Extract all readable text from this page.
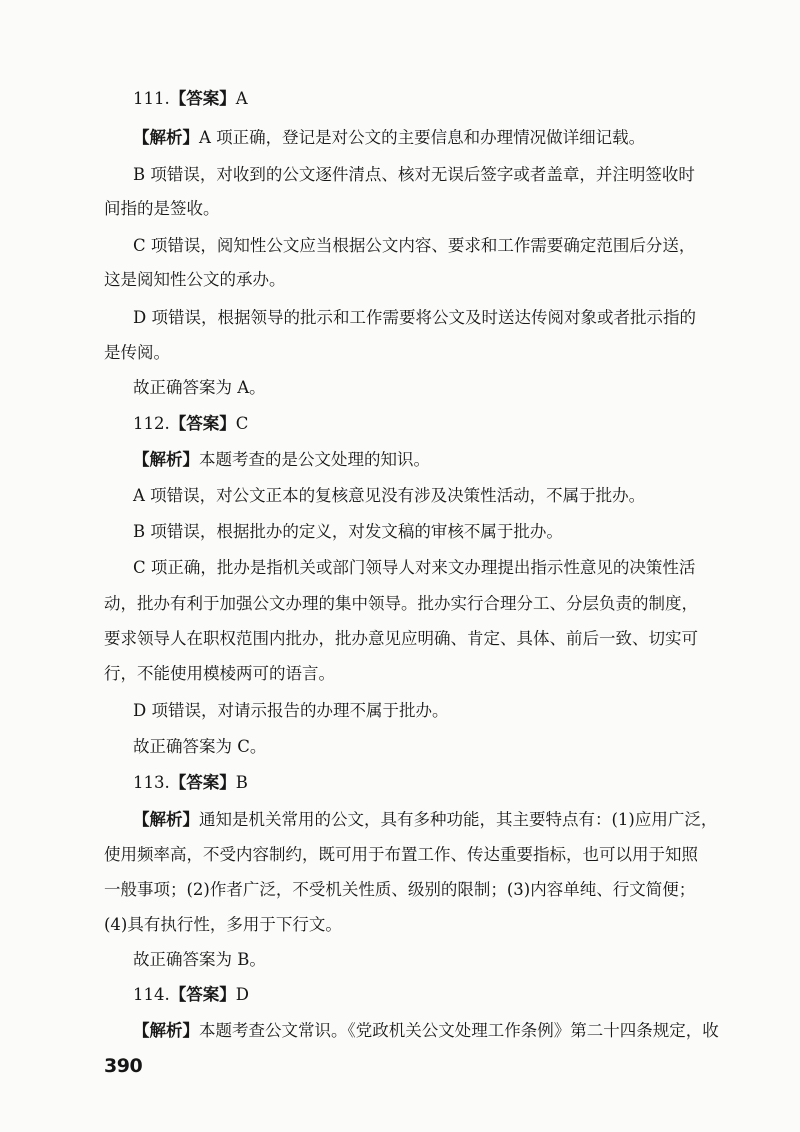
111.【答案】A
【解析】A 项正确，登记是对公文的主要信息和办理情况做详细记载。
B 项错误，对收到的公文逐件清点、核对无误后签字或者盖章，并注明签收时
间指的是签收。
C 项错误，阅知性公文应当根据公文内容、要求和工作需要确定范围后分送，
这是阅知性公文的承办。
D 项错误，根据领导的批示和工作需要将公文及时送达传阅对象或者批示指的
是传阅。
故正确答案为 A。
112.【答案】C
【解析】本题考查的是公文处理的知识。
A 项错误，对公文正本的复核意见没有涉及决策性活动，不属于批办。
B 项错误，根据批办的定义，对发文稿的审核不属于批办。
C 项正确，批办是指机关或部门领导人对来文办理提出指示性意见的决策性活
动，批办有利于加强公文办理的集中领导。批办实行合理分工、分层负责的制度，
要求领导人在职权范围内批办，批办意见应明确、肯定、具体、前后一致、切实可
行，不能使用模棱两可的语言。
D 项错误，对请示报告的办理不属于批办。
故正确答案为 C。
113.【答案】B
【解析】通知是机关常用的公文，具有多种功能，其主要特点有：(1)应用广泛，
使用频率高，不受内容制约，既可用于布置工作、传达重要指标，也可以用于知照
一般事项；(2)作者广泛，不受机关性质、级别的限制；(3)内容单纯、行文简便；
(4)具有执行性，多用于下行文。
故正确答案为 B。
114.【答案】D
【解析】本题考查公文常识。《党政机关公文处理工作条例》第二十四条规定，收
390
